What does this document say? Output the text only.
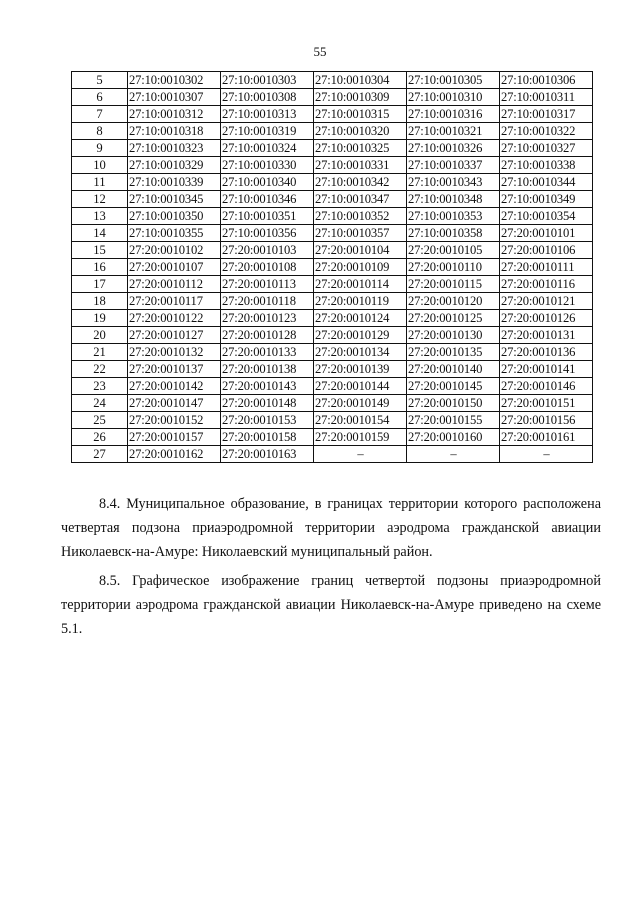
55
5	27:10:0010302	27:10:0010303	27:10:0010304	27:10:0010305	27:10:0010306
6	27:10:0010307	27:10:0010308	27:10:0010309	27:10:0010310	27:10:0010311
7	27:10:0010312	27:10:0010313	27:10:0010315	27:10:0010316	27:10:0010317
8	27:10:0010318	27:10:0010319	27:10:0010320	27:10:0010321	27:10:0010322
9	27:10:0010323	27:10:0010324	27:10:0010325	27:10:0010326	27:10:0010327
10	27:10:0010329	27:10:0010330	27:10:0010331	27:10:0010337	27:10:0010338
11	27:10:0010339	27:10:0010340	27:10:0010342	27:10:0010343	27:10:0010344
12	27:10:0010345	27:10:0010346	27:10:0010347	27:10:0010348	27:10:0010349
13	27:10:0010350	27:10:0010351	27:10:0010352	27:10:0010353	27:10:0010354
14	27:10:0010355	27:10:0010356	27:10:0010357	27:10:0010358	27:20:0010101
15	27:20:0010102	27:20:0010103	27:20:0010104	27:20:0010105	27:20:0010106
16	27:20:0010107	27:20:0010108	27:20:0010109	27:20:0010110	27:20:0010111
17	27:20:0010112	27:20:0010113	27:20:0010114	27:20:0010115	27:20:0010116
18	27:20:0010117	27:20:0010118	27:20:0010119	27:20:0010120	27:20:0010121
19	27:20:0010122	27:20:0010123	27:20:0010124	27:20:0010125	27:20:0010126
20	27:20:0010127	27:20:0010128	27:20:0010129	27:20:0010130	27:20:0010131
21	27:20:0010132	27:20:0010133	27:20:0010134	27:20:0010135	27:20:0010136
22	27:20:0010137	27:20:0010138	27:20:0010139	27:20:0010140	27:20:0010141
23	27:20:0010142	27:20:0010143	27:20:0010144	27:20:0010145	27:20:0010146
24	27:20:0010147	27:20:0010148	27:20:0010149	27:20:0010150	27:20:0010151
25	27:20:0010152	27:20:0010153	27:20:0010154	27:20:0010155	27:20:0010156
26	27:20:0010157	27:20:0010158	27:20:0010159	27:20:0010160	27:20:0010161
27	27:20:0010162	27:20:0010163	–	–	–

8.4. Муниципальное образование, в границах территории которого расположена четвертая подзона приаэродромной территории аэродрома гражданской авиации Николаевск-на-Амуре: Николаевский муниципальный район.

8.5. Графическое изображение границ четвертой подзоны приаэродромной территории аэродрома гражданской авиации Николаевск-на-Амуре приведено на схеме 5.1.
